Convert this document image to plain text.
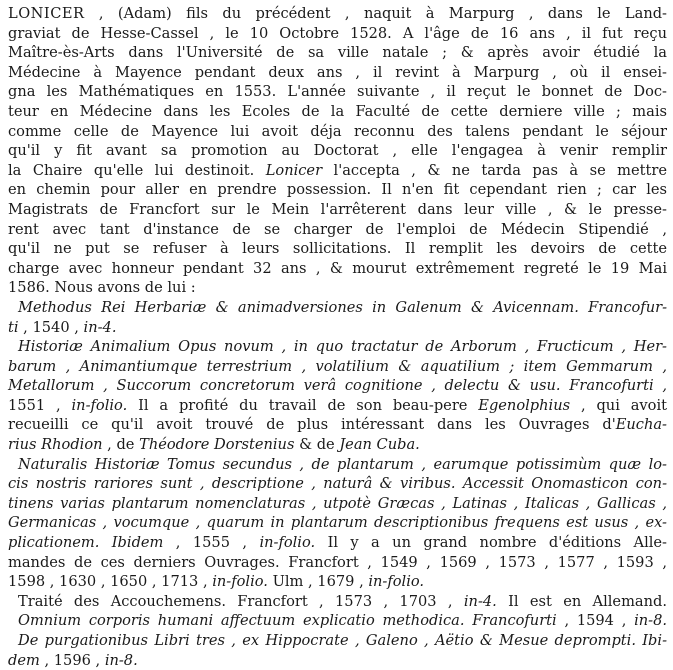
LONICER , (Adam) fils du précédent , naquit à Marpurg , dans le Land-
graviat de Hesse-Cassel , le 10 Octobre 1528. A l'âge de 16 ans , il fut reçu
Maître-ès-Arts dans l'Université de sa ville natale ; & après avoir étudié la
Médecine à Mayence pendant deux ans , il revint à Marpurg , où il ensei-
gna les Mathématiques en 1553. L'année suivante , il reçut le bonnet de Doc-
teur en Médecine dans les Ecoles de la Faculté de cette derniere ville ; mais
comme celle de Mayence lui avoit déja reconnu des talens pendant le séjour
qu'il y fit avant sa promotion au Doctorat , elle l'engagea à venir remplir
la Chaire qu'elle lui destinoit. Lonicer l'accepta , & ne tarda pas à se mettre
en chemin pour aller en prendre possession. Il n'en fit cependant rien ; car les
Magistrats de Francfort sur le Mein l'arrêterent dans leur ville , & le presse-
rent avec tant d'instance de se charger de l'emploi de Médecin Stipendié ,
qu'il ne put se refuser à leurs sollicitations. Il remplit les devoirs de cette
charge avec honneur pendant 32 ans , & mourut extrêmement regreté le 19 Mai
1586. Nous avons de lui :
Methodus Rei Herbariæ & animadversiones in Galenum & Avicennam. Francofur-
ti , 1540 , in-4.
Historiæ Animalium Opus novum , in quo tractatur de Arborum , Fructicum , Her-
barum , Animantiumque terrestrium , volatilium & aquatilium ; item Gemmarum ,
Metallorum , Succorum concretorum verâ cognitione , delectu & usu. Francofurti ,
1551 , in-folio. Il a profité du travail de son beau-pere Egenolphius , qui avoit
recueilli ce qu'il avoit trouvé de plus intéressant dans les Ouvrages d'Eucha-
rius Rhodion , de Théodore Dorstenius & de Jean Cuba.
Naturalis Historiæ Tomus secundus , de plantarum , earumque potissimùm quæ lo-
cis nostris rariores sunt , descriptione , naturâ & viribus. Accessit Onomasticon con-
tinens varias plantarum nomenclaturas , utpotè Græcas , Latinas , Italicas , Gallicas ,
Germanicas , vocumque , quarum in plantarum descriptionibus frequens est usus , ex-
plicationem. Ibidem , 1555 , in-folio. Il y a un grand nombre d'éditions Alle-
mandes de ces derniers Ouvrages. Francfort , 1549 , 1569 , 1573 , 1577 , 1593 ,
1598 , 1630 , 1650 , 1713 , in-folio. Ulm , 1679 , in-folio.
Traité des Accouchemens. Francfort , 1573 , 1703 , in-4. Il est en Allemand.
Omnium corporis humani affectuum explicatio methodica. Francofurti , 1594 , in-8.
De purgationibus Libri tres , ex Hippocrate , Galeno , Aëtio & Mesue deprompti. Ibi-
dem , 1596 , in-8.
